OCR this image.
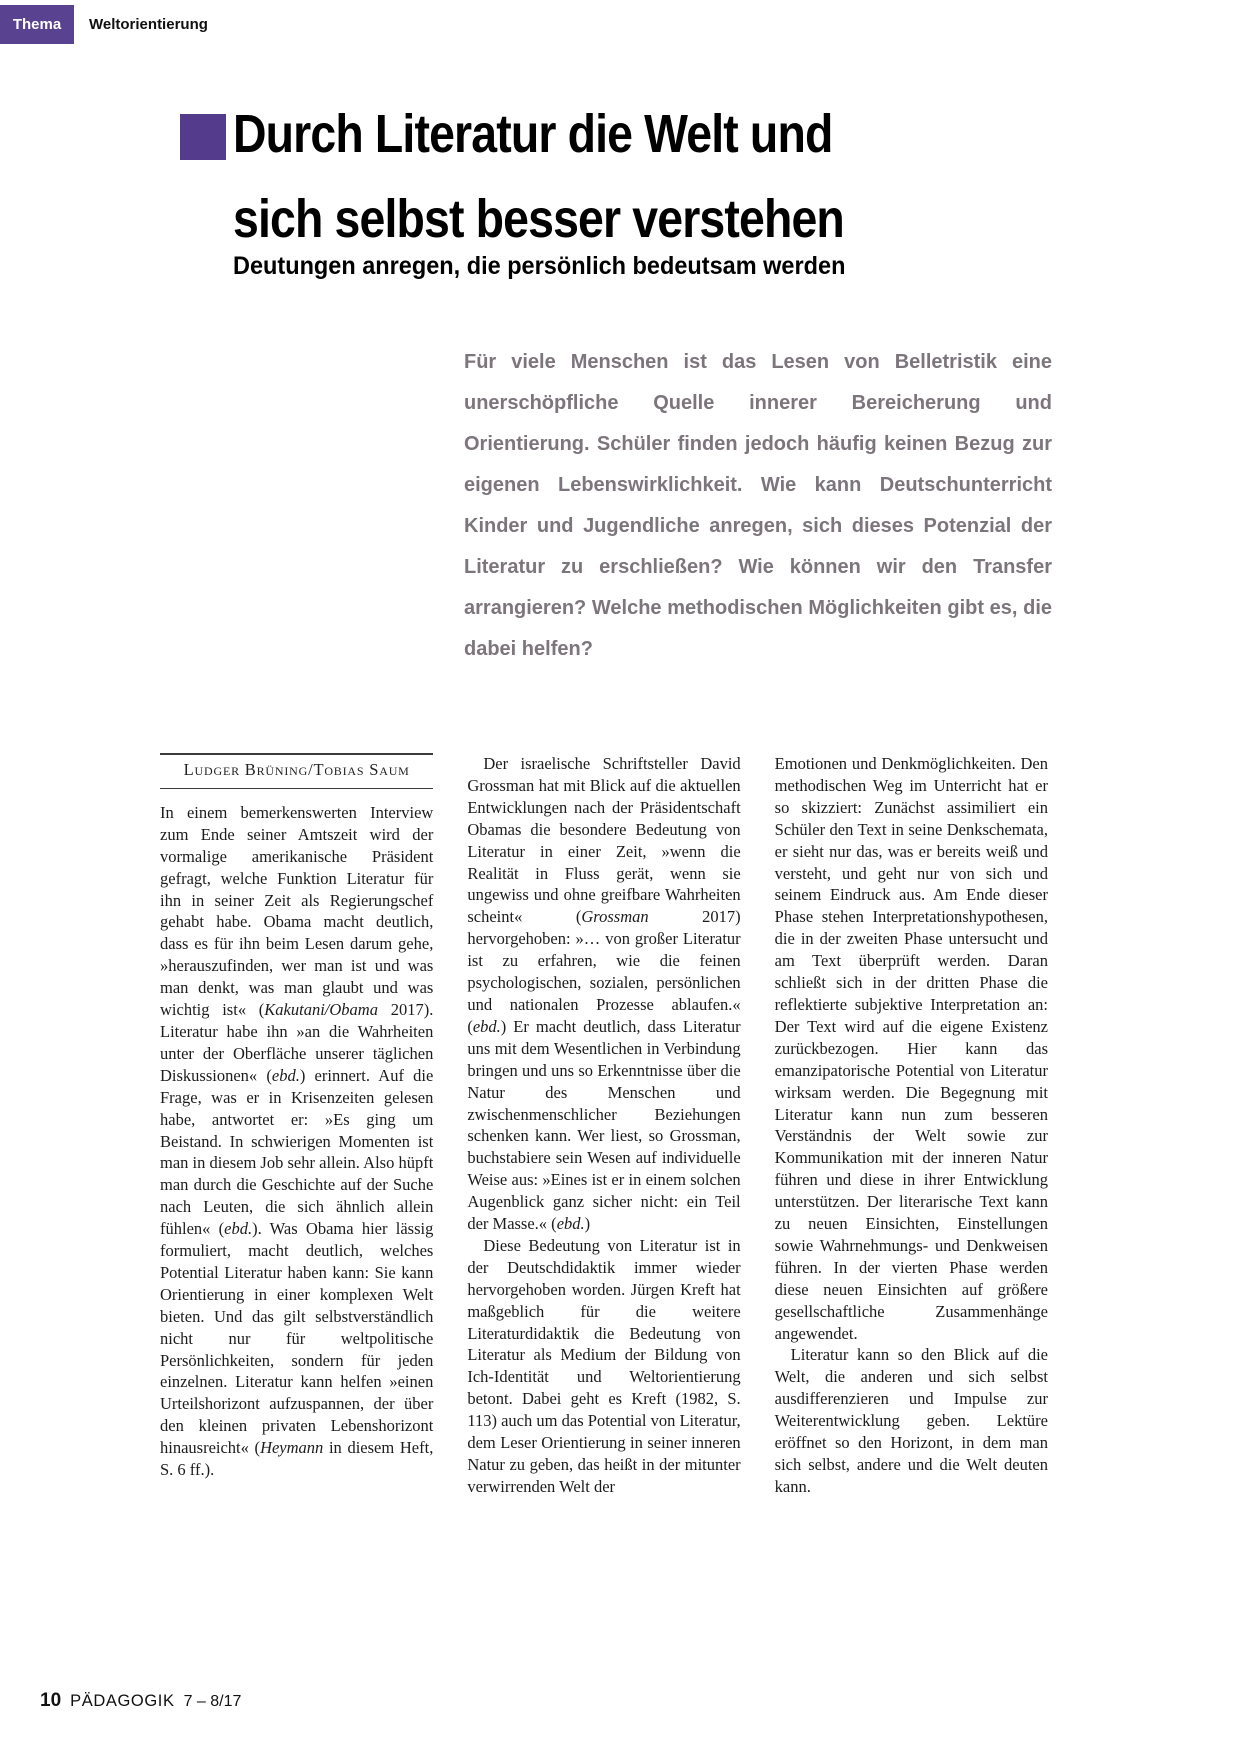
Thema	Weltorientierung
Durch Literatur die Welt und
sich selbst besser verstehen
Deutungen anregen, die persönlich bedeutsam werden
Für viele Menschen ist das Lesen von Belletristik eine unerschöpfliche Quelle innerer Bereicherung und Orientierung. Schüler finden jedoch häufig keinen Bezug zur eigenen Lebenswirklichkeit. Wie kann Deutschunterricht Kinder und Jugendliche anregen, sich dieses Potenzial der Literatur zu erschließen? Wie können wir den Transfer arrangieren? Welche methodischen Möglichkeiten gibt es, die dabei helfen?
Ludger Brüning/Tobias Saum

In einem bemerkenswerten Interview zum Ende seiner Amtszeit wird der vormalige amerikanische Präsident gefragt, welche Funktion Literatur für ihn in seiner Zeit als Regierungschef gehabt habe. Obama macht deutlich, dass es für ihn beim Lesen darum gehe, »herauszufinden, wer man ist und was man denkt, was man glaubt und was wichtig ist« (Kakutani/Obama 2017). Literatur habe ihn »an die Wahrheiten unter der Oberfläche unserer täglichen Diskussionen« (ebd.) erinnert. Auf die Frage, was er in Krisenzeiten gelesen habe, antwortet er: »Es ging um Beistand. In schwierigen Momenten ist man in diesem Job sehr allein. Also hüpft man durch die Geschichte auf der Suche nach Leuten, die sich ähnlich allein fühlen« (ebd.). Was Obama hier lässig formuliert, macht deutlich, welches Potential Literatur haben kann: Sie kann Orientierung in einer komplexen Welt bieten. Und das gilt selbstverständlich nicht nur für weltpolitische Persönlichkeiten, sondern für jeden einzelnen. Literatur kann helfen »einen Urteilshorizont aufzuspannen, der über den kleinen privaten Lebenshorizont hinausreicht« (Heymann in diesem Heft, S. 6 ff.).

Der israelische Schriftsteller David Grossman hat mit Blick auf die aktuellen Entwicklungen nach der Präsidentschaft Obamas die besondere Bedeutung von Literatur in einer Zeit, »wenn die Realität in Fluss gerät, wenn sie ungewiss und ohne greifbare Wahrheiten scheint« (Grossman 2017) hervorgehoben: »… von großer Literatur ist zu erfahren, wie die feinen psychologischen, sozialen, persönlichen und nationalen Prozesse ablaufen.« (ebd.) Er macht deutlich, dass Literatur uns mit dem Wesentlichen in Verbindung bringen und uns so Erkenntnisse über die Natur des Menschen und zwischenmenschlicher Beziehungen schenken kann. Wer liest, so Grossman, buchstabiere sein Wesen auf individuelle Weise aus: »Eines ist er in einem solchen Augenblick ganz sicher nicht: ein Teil der Masse.« (ebd.)

Diese Bedeutung von Literatur ist in der Deutschdidaktik immer wieder hervorgehoben worden. Jürgen Kreft hat maßgeblich für die weitere Literaturdidaktik die Bedeutung von Literatur als Medium der Bildung von Ich-Identität und Weltorientierung betont. Dabei geht es Kreft (1982, S. 113) auch um das Potential von Literatur, dem Leser Orientierung in seiner inneren Natur zu geben, das heißt in der mitunter verwirrenden Welt der

Emotionen und Denkmöglichkeiten. Den methodischen Weg im Unterricht hat er so skizziert: Zunächst assimiliert ein Schüler den Text in seine Denkschemata, er sieht nur das, was er bereits weiß und versteht, und geht nur von sich und seinem Eindruck aus. Am Ende dieser Phase stehen Interpretationshypothesen, die in der zweiten Phase untersucht und am Text überprüft werden. Daran schließt sich in der dritten Phase die reflektierte subjektive Interpretation an: Der Text wird auf die eigene Existenz zurückbezogen. Hier kann das emanzipatorische Potential von Literatur wirksam werden. Die Begegnung mit Literatur kann nun zum besseren Verständnis der Welt sowie zur Kommunikation mit der inneren Natur führen und diese in ihrer Entwicklung unterstützen. Der literarische Text kann zu neuen Einsichten, Einstellungen sowie Wahrnehmungs- und Denkweisen führen. In der vierten Phase werden diese neuen Einsichten auf größere gesellschaftliche Zusammenhänge angewendet.

Literatur kann so den Blick auf die Welt, die anderen und sich selbst ausdifferenzieren und Impulse zur Weiterentwicklung geben. Lektüre eröffnet so den Horizont, in dem man sich selbst, andere und die Welt deuten kann.

10 PÄDAGOGIK 7 – 8/17
